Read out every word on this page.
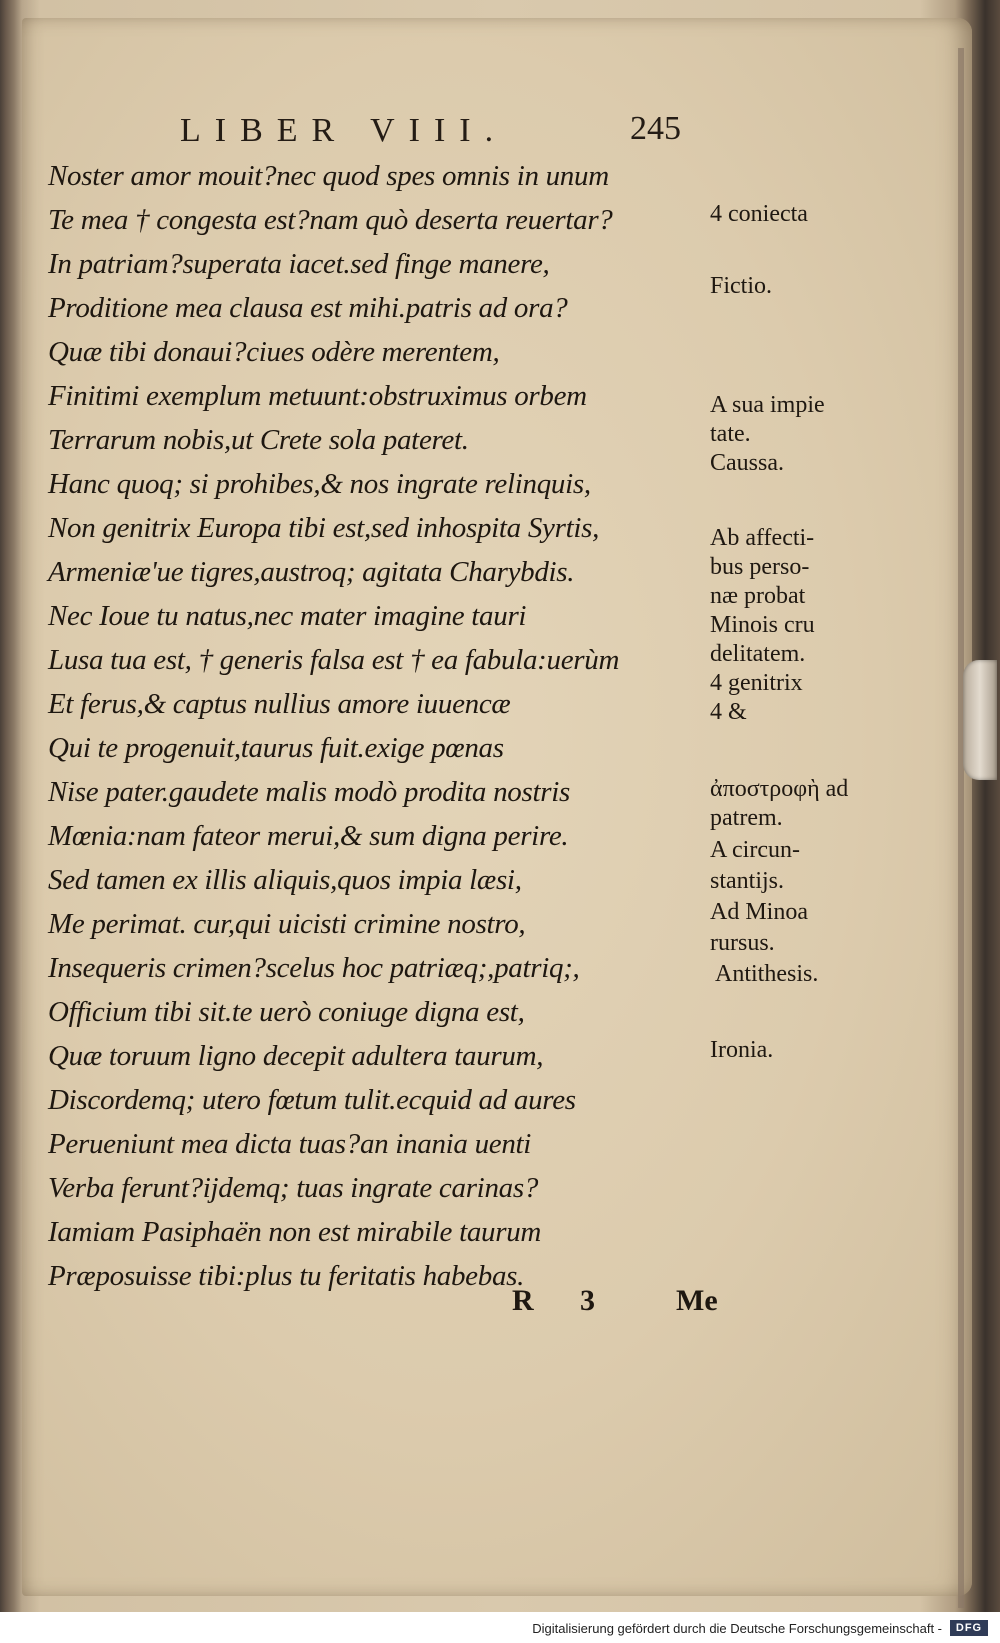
LIBER VIII.	245
Noster amor mouit?nec quod spes omnis in unum
Te mea † congesta est?nam quò deserta reuertar?
In patriam?superata iacet.sed finge manere,
Proditione mea clausa est mihi.patris ad ora?
Quæ tibi donaui?ciues odère merentem,
Finitimi exemplum metuunt:obstruximus orbem
Terrarum nobis,ut Crete sola pateret.
Hanc quoq; si prohibes,& nos ingrate relinquis,
Non genitrix Europa tibi est,sed inhospita Syrtis,
Armeniæ'ue tigres,austroq; agitata Charybdis.
Nec Ioue tu natus,nec mater imagine tauri
Lusa tua est, † generis falsa est † ea fabula:uerùm
Et ferus,& captus nullius amore iuuencæ
Qui te progenuit,taurus fuit.exige pœnas
Nise pater.gaudete malis modò prodita nostris
Mœnia:nam fateor merui,& sum digna perire.
Sed tamen ex illis aliquis,quos impia læsi,
Me perimat. cur,qui uicisti crimine nostro,
Insequeris crimen?scelus hoc patriæq;,patriq;,
Officium tibi sit.te uerò coniuge digna est,
Quæ toruum ligno decepit adultera taurum,
Discordemq; utero fœtum tulit.ecquid ad aures
Perueniunt mea dicta tuas?an inania uenti
Verba ferunt?ijdemq; tuas ingrate carinas?
Iamiam Pasiphaën non est mirabile taurum
Præposuisse tibi:plus tu feritatis habebas.
4 coniecta
Fictio.
A sua impie
tate.
Caussa.
Ab affecti-
bus perso-
næ probat
Minois cru
delitatem.
4 genitrix
4 &
ἀποστροφὴ ad
patrem.
A circun-
stantijs.
Ad Minoa
rursus.
Antithesis.
Ironia.
R 3	Me
Digitalisierung gefördert durch die Deutsche Forschungsgemeinschaft -	DFG
